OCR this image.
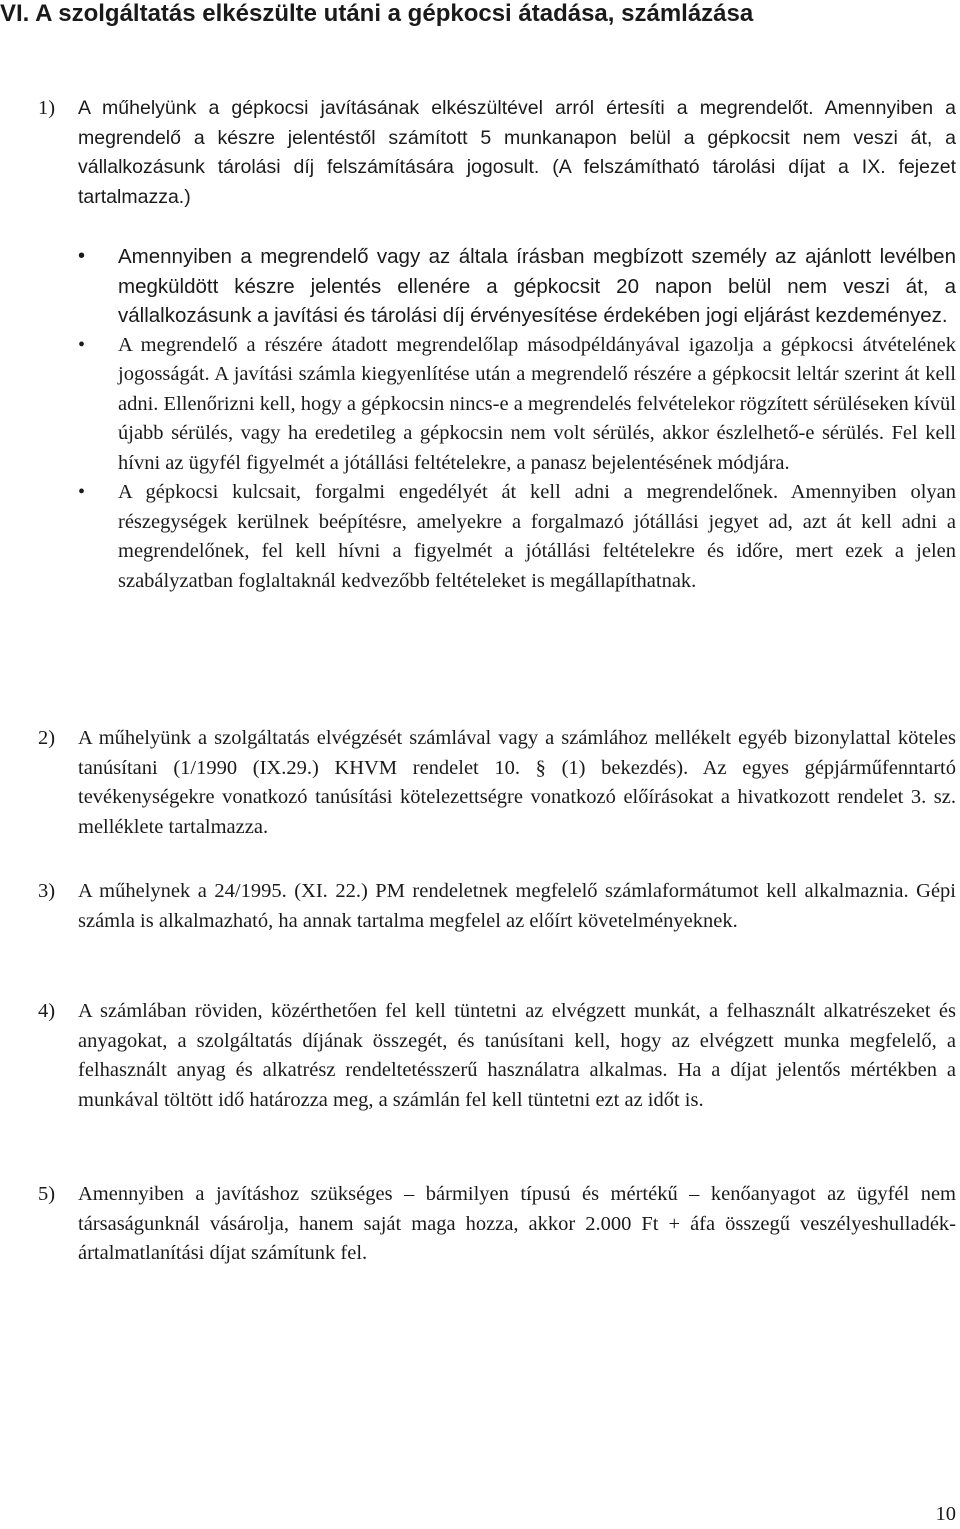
VI. A szolgáltatás elkészülte utáni a gépkocsi átadása, számlázása
1) A műhelyünk a gépkocsi javításának elkészültével arról értesíti a megrendelőt. Amennyiben a megrendelő a készre jelentéstől számított 5 munkanapon belül a gépkocsit nem veszi át, a vállalkozásunk tárolási díj felszámítására jogosult. (A felszámítható tárolási díjat a IX. fejezet tartalmazza.)

• Amennyiben a megrendelő vagy az általa írásban megbízott személy az ajánlott levélben megküldött készre jelentés ellenére a gépkocsit 20 napon belül nem veszi át, a vállalkozásunk a javítási és tárolási díj érvényesítése érdekében jogi eljárást kezdeményez.
• A megrendelő a részére átadott megrendelőlap másodpéldányával igazolja a gépkocsi átvételének jogosságát. A javítási számla kiegyenlítése után a megrendelő részére a gépkocsit leltár szerint át kell adni. Ellenőrizni kell, hogy a gépkocsin nincs-e a megrendelés felvételekor rögzített sérüléseken kívül újabb sérülés, vagy ha eredetileg a gépkocsin nem volt sérülés, akkor észlelhető-e sérülés. Fel kell hívni az ügyfél figyelmét a jótállási feltételekre, a panasz bejelentésének módjára.
• A gépkocsi kulcsait, forgalmi engedélyét át kell adni a megrendelőnek. Amennyiben olyan részegységek kerülnek beépítésre, amelyekre a forgalmazó jótállási jegyet ad, azt át kell adni a megrendelőnek, fel kell hívni a figyelmét a jótállási feltételekre és időre, mert ezek a jelen szabályzatban foglaltaknál kedvezőbb feltételeket is megállapíthatnak.
2) A műhelyünk a szolgáltatás elvégzését számlával vagy a számlához mellékelt egyéb bizonylattal köteles tanúsítani (1/1990 (IX.29.) KHVM rendelet 10. § (1) bekezdés). Az egyes gépjárműfenntartó tevékenységekre vonatkozó tanúsítási kötelezettségre vonatkozó előírásokat a hivatkozott rendelet 3. sz. melléklete tartalmazza.

3) A műhelynek a 24/1995. (XI. 22.) PM rendeletnek megfelelő számlaformátumot kell alkalmaznia. Gépi számla is alkalmazható, ha annak tartalma megfelel az előírt követelményeknek.

4) A számlában röviden, közérthetően fel kell tüntetni az elvégzett munkát, a felhasznált alkatrészeket és anyagokat, a szolgáltatás díjának összegét, és tanúsítani kell, hogy az elvégzett munka megfelelő, a felhasznált anyag és alkatrész rendeltetésszerű használatra alkalmas. Ha a díjat jelentős mértékben a munkával töltött idő határozza meg, a számlán fel kell tüntetni ezt az időt is.

5) Amennyiben a javításhoz szükséges – bármilyen típusú és mértékű – kenőanyagot az ügyfél nem társaságunknál vásárolja, hanem saját maga hozza, akkor 2.000 Ft + áfa összegű veszélyeshulladék-ártalmatlanítási díjat számítunk fel.

10
